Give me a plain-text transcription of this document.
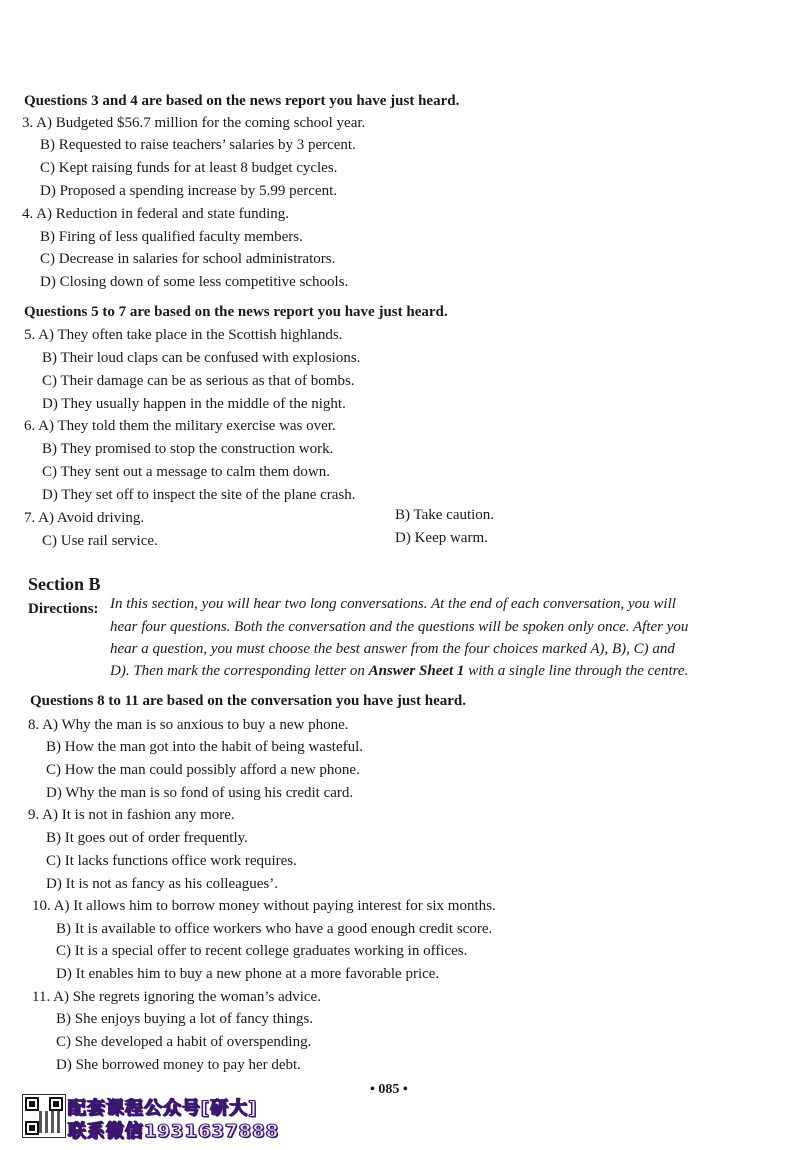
Questions 3 and 4 are based on the news report you have just heard.
3. A) Budgeted $56.7 million for the coming school year.
B) Requested to raise teachers’ salaries by 3 percent.
C) Kept raising funds for at least 8 budget cycles.
D) Proposed a spending increase by 5.99 percent.
4. A) Reduction in federal and state funding.
B) Firing of less qualified faculty members.
C) Decrease in salaries for school administrators.
D) Closing down of some less competitive schools.
Questions 5 to 7 are based on the news report you have just heard.
5. A) They often take place in the Scottish highlands.
B) Their loud claps can be confused with explosions.
C) Their damage can be as serious as that of bombs.
D) They usually happen in the middle of the night.
6. A) They told them the military exercise was over.
B) They promised to stop the construction work.
C) They sent out a message to calm them down.
D) They set off to inspect the site of the plane crash.
7. A) Avoid driving.	B) Take caution.
C) Use rail service.	D) Keep warm.
Section B
Directions: In this section, you will hear two long conversations. At the end of each conversation, you will
hear four questions. Both the conversation and the questions will be spoken only once. After you
hear a question, you must choose the best answer from the four choices marked A), B), C) and
D). Then mark the corresponding letter on Answer Sheet 1 with a single line through the centre.
Questions 8 to 11 are based on the conversation you have just heard.
8. A) Why the man is so anxious to buy a new phone.
B) How the man got into the habit of being wasteful.
C) How the man could possibly afford a new phone.
D) Why the man is so fond of using his credit card.
9. A) It is not in fashion any more.
B) It goes out of order frequently.
C) It lacks functions office work requires.
D) It is not as fancy as his colleagues’.
10. A) It allows him to borrow money without paying interest for six months.
B) It is available to office workers who have a good enough credit score.
C) It is a special offer to recent college graduates working in offices.
D) It enables him to buy a new phone at a more favorable price.
11. A) She regrets ignoring the woman’s advice.
B) She enjoys buying a lot of fancy things.
C) She developed a habit of overspending.
D) She borrowed money to pay her debt.
• 085 •
配套课程公众号[研大]
联系微信1931637888
